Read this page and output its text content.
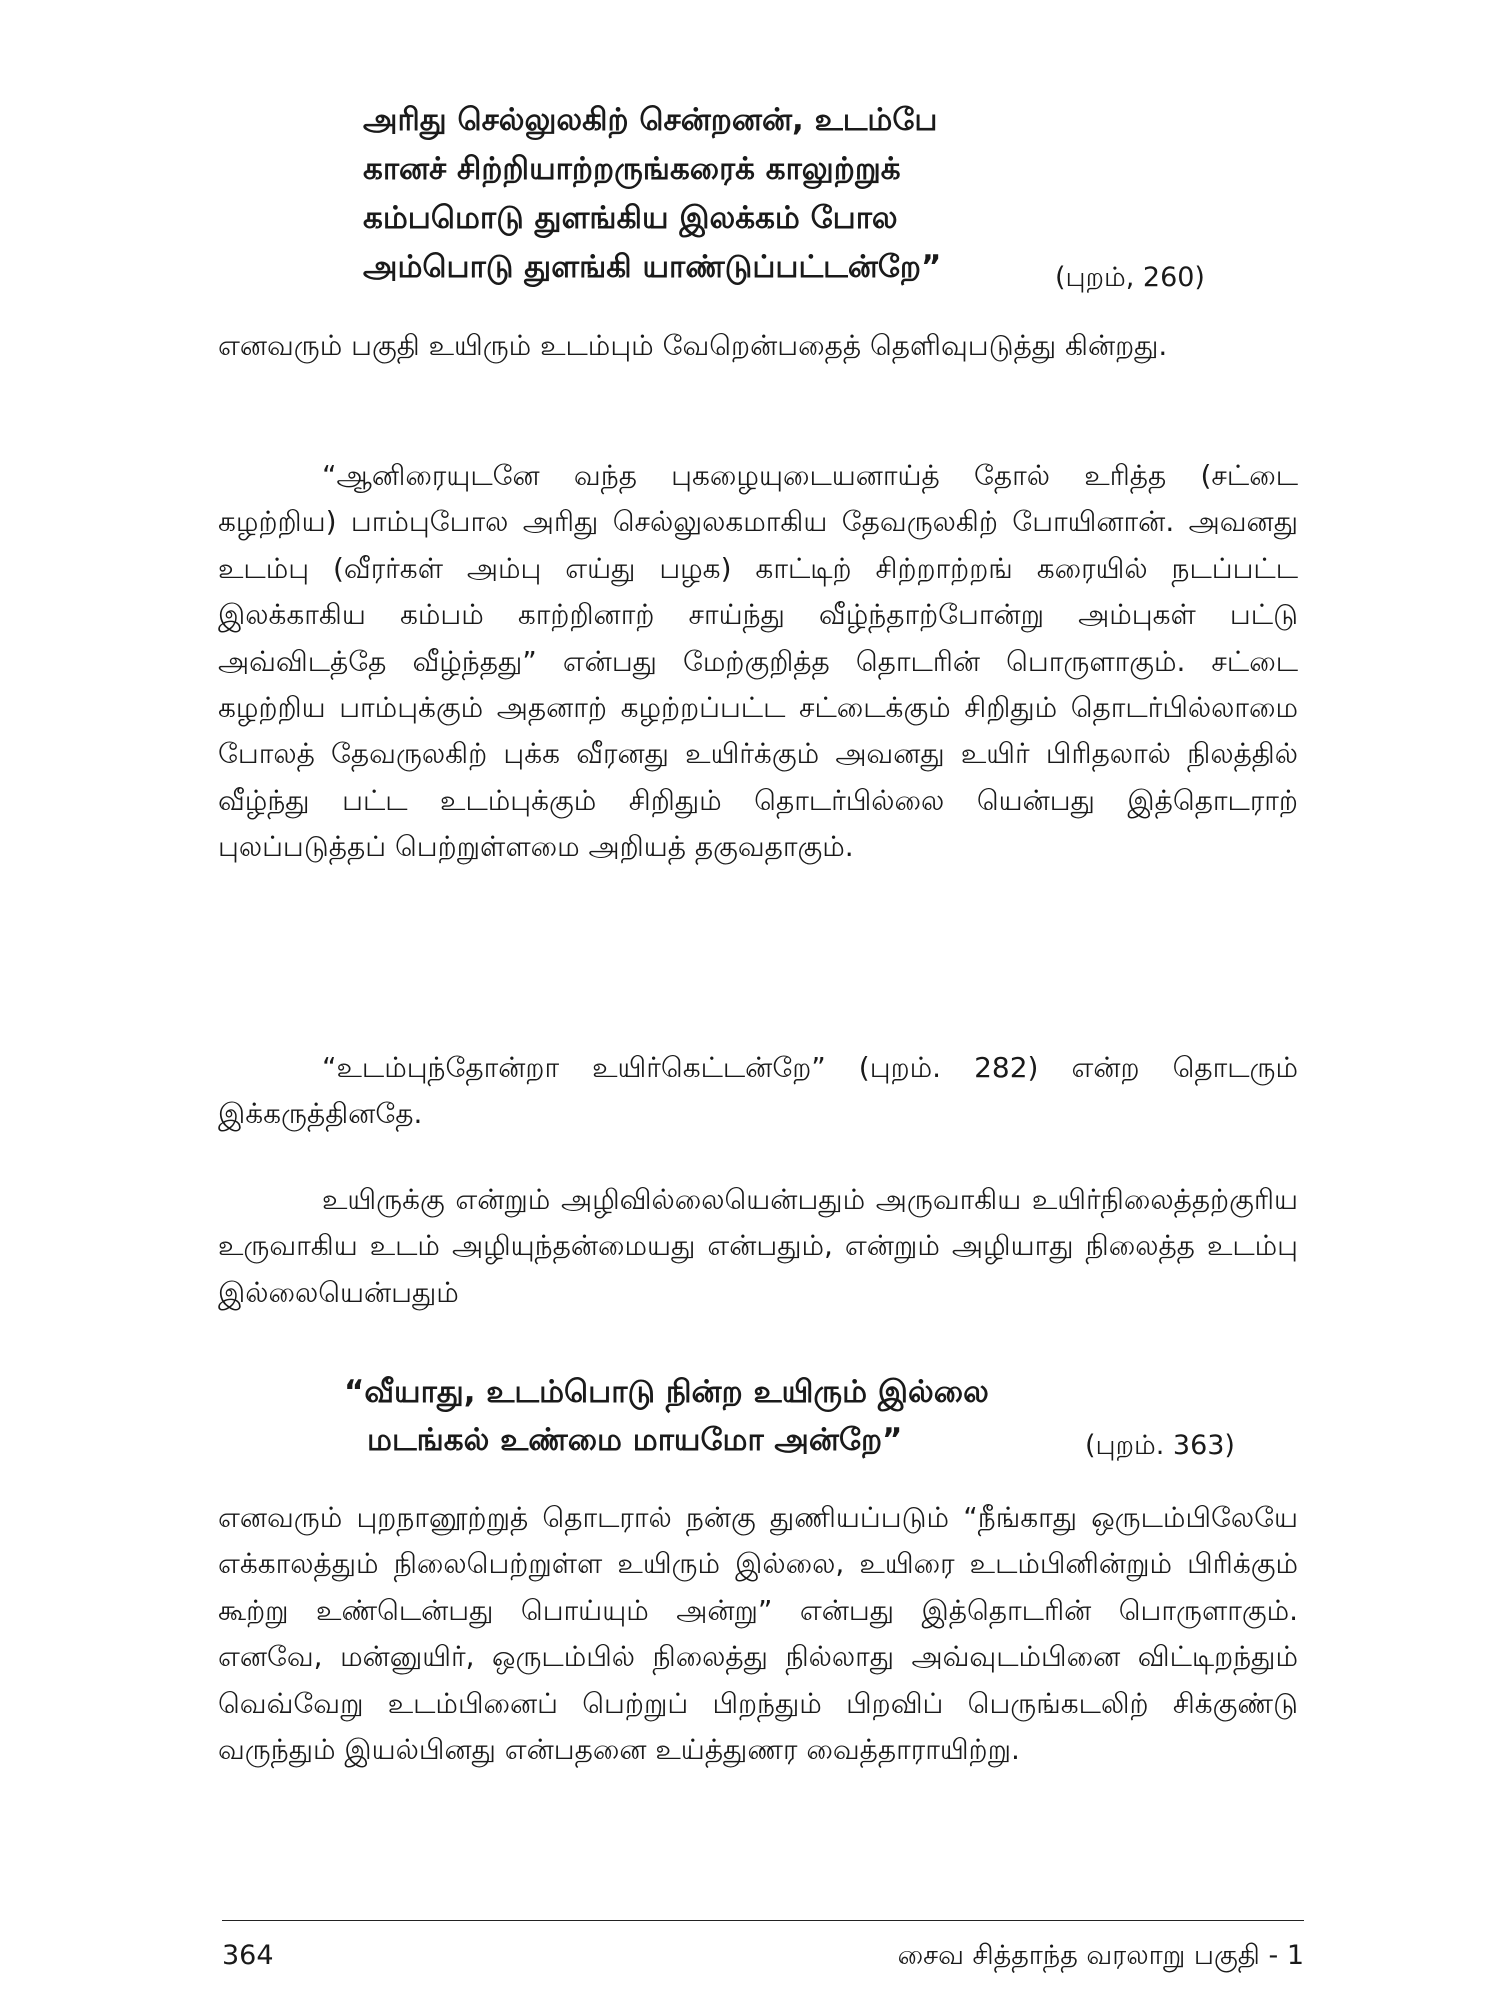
அரிது செல்லுலகிற் சென்றனன், உடம்பே
கானச் சிற்றியாற்றருங்கரைக் காலுற்றுக்
கம்பமொடு துளங்கிய இலக்கம் போல
அம்பொடு துளங்கி யாண்டுப்பட்டன்றே”	(புறம், 260)

எனவரும் பகுதி உயிரும் உடம்பும் வேறென்பதைத் தெளிவுபடுத்து கின்றது.

“ஆனிரையுடனே வந்த புகழையுடையனாய்த் தோல் உரித்த (சட்டை கழற்றிய) பாம்புபோல அரிது செல்லுலகமாகிய தேவருலகிற் போயினான். அவனது உடம்பு (வீரர்கள் அம்பு எய்து பழக) காட்டிற் சிற்றாற்றங் கரையில் நடப்பட்ட இலக்காகிய கம்பம் காற்றினாற் சாய்ந்து வீழ்ந்தாற்போன்று அம்புகள் பட்டு அவ்விடத்தே வீழ்ந்தது” என்பது மேற்குறித்த தொடரின் பொருளாகும். சட்டை கழற்றிய பாம்புக்கும் அதனாற் கழற்றப்பட்ட சட்டைக்கும் சிறிதும் தொடர்பில்லாமை போலத் தேவருலகிற் புக்க வீரனது உயிர்க்கும் அவனது உயிர் பிரிதலால் நிலத்தில் வீழ்ந்து பட்ட உடம்புக்கும் சிறிதும் தொடர்பில்லை யென்பது இத்தொடராற் புலப்படுத்தப் பெற்றுள்ளமை அறியத் தகுவதாகும்.

“உடம்புந்தோன்றா உயிர்கெட்டன்றே” (புறம். 282) என்ற தொடரும் இக்கருத்தினதே.

உயிருக்கு என்றும் அழிவில்லையென்பதும் அருவாகிய உயிர்நிலைத்தற்குரிய உருவாகிய உடம் அழியுந்தன்மையது என்பதும், என்றும் அழியாது நிலைத்த உடம்பு இல்லையென்பதும்

“வீயாது, உடம்பொடு நின்ற உயிரும் இல்லை
மடங்கல் உண்மை மாயமோ அன்றே”	(புறம். 363)

எனவரும் புறநானூற்றுத் தொடரால் நன்கு துணியப்படும் “நீங்காது ஒருடம்பிலேயே எக்காலத்தும் நிலைபெற்றுள்ள உயிரும் இல்லை, உயிரை உடம்பினின்றும் பிரிக்கும் கூற்று உண்டென்பது பொய்யும் அன்று” என்பது இத்தொடரின் பொருளாகும். எனவே, மன்னுயிர், ஒருடம்பில் நிலைத்து நில்லாது அவ்வுடம்பினை விட்டிறந்தும் வெவ்வேறு உடம்பினைப் பெற்றுப் பிறந்தும் பிறவிப் பெருங்கடலிற் சிக்குண்டு வருந்தும் இயல்பினது என்பதனை உய்த்துணர வைத்தாராயிற்று.

364	சைவ சித்தாந்த வரலாறு பகுதி - 1
